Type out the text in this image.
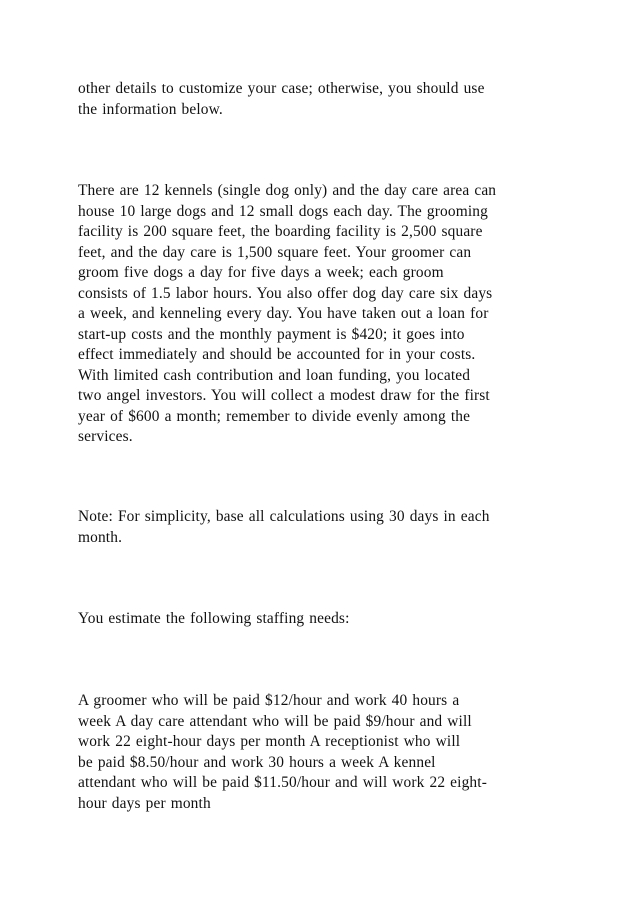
other details to customize your case; otherwise, you should use
the information below.

There are 12 kennels (single dog only) and the day care area can
house 10 large dogs and 12 small dogs each day. The grooming
facility is 200 square feet, the boarding facility is 2,500 square
feet, and the day care is 1,500 square feet. Your groomer can
groom five dogs a day for five days a week; each groom
consists of 1.5 labor hours. You also offer dog day care six days
a week, and kenneling every day. You have taken out a loan for
start-up costs and the monthly payment is $420; it goes into
effect immediately and should be accounted for in your costs.
With limited cash contribution and loan funding, you located
two angel investors. You will collect a modest draw for the first
year of $600 a month; remember to divide evenly among the
services.

Note: For simplicity, base all calculations using 30 days in each
month.

You estimate the following staffing needs:

A groomer who will be paid $12/hour and work 40 hours a
week A day care attendant who will be paid $9/hour and will
work 22 eight-hour days per month A receptionist who will
be paid $8.50/hour and work 30 hours a week A kennel
attendant who will be paid $11.50/hour and will work 22 eight-
hour days per month
